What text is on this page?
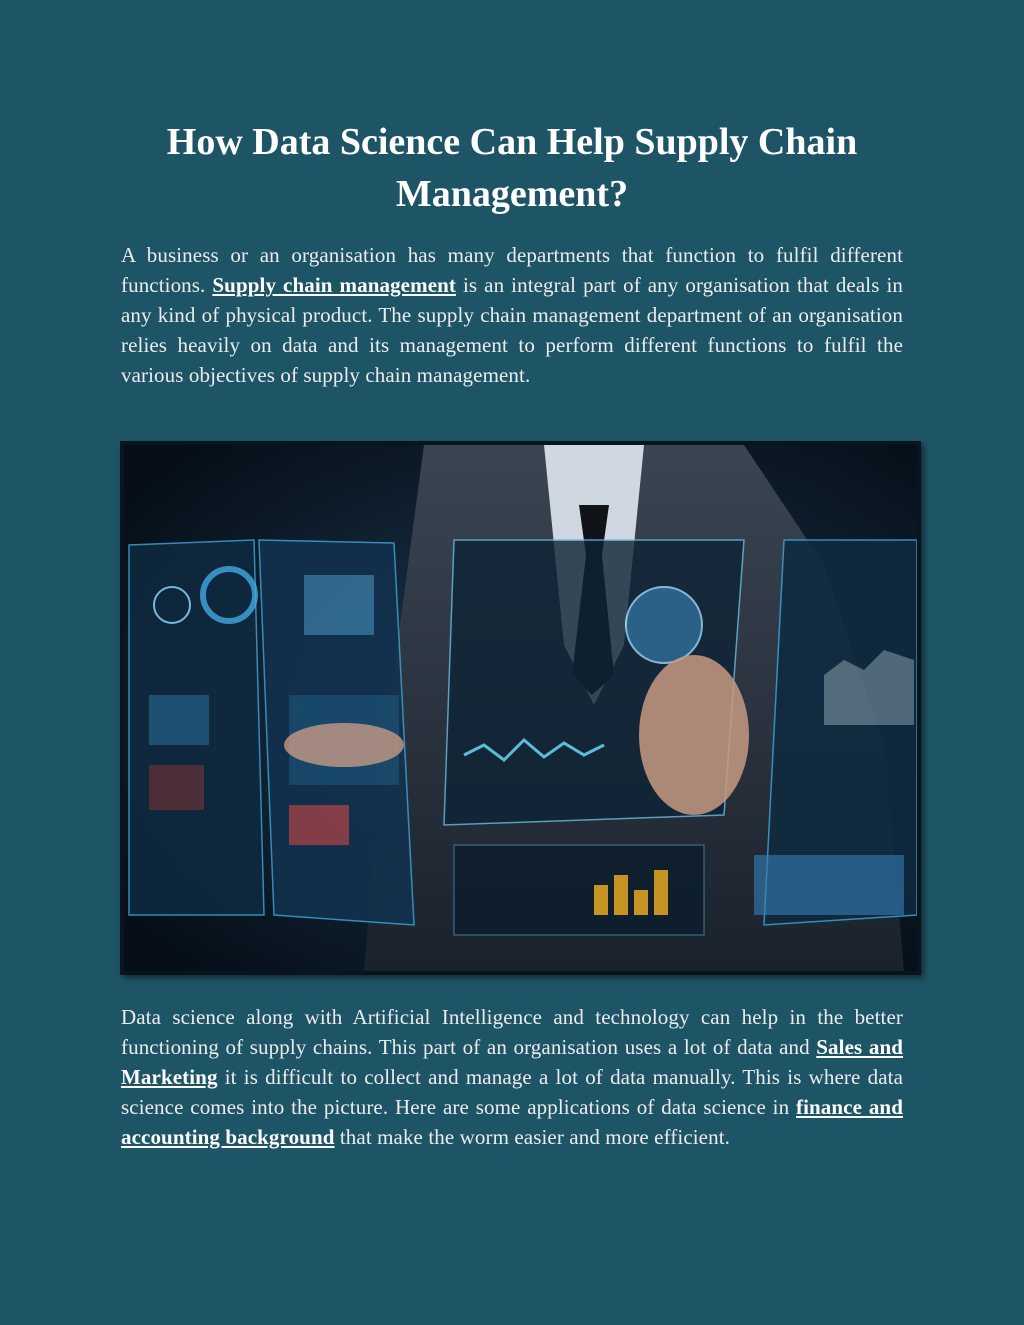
How Data Science Can Help Supply Chain Management?

A business or an organisation has many departments that function to fulfil different functions. Supply chain management is an integral part of any organisation that deals in any kind of physical product. The supply chain management department of an organisation relies heavily on data and its management to perform different functions to fulfil the various objectives of supply chain management.

Data science along with Artificial Intelligence and technology can help in the better functioning of supply chains. This part of an organisation uses a lot of data and Sales and Marketing it is difficult to collect and manage a lot of data manually. This is where data science comes into the picture. Here are some applications of data science in finance and accounting background that make the worm easier and more efficient.
